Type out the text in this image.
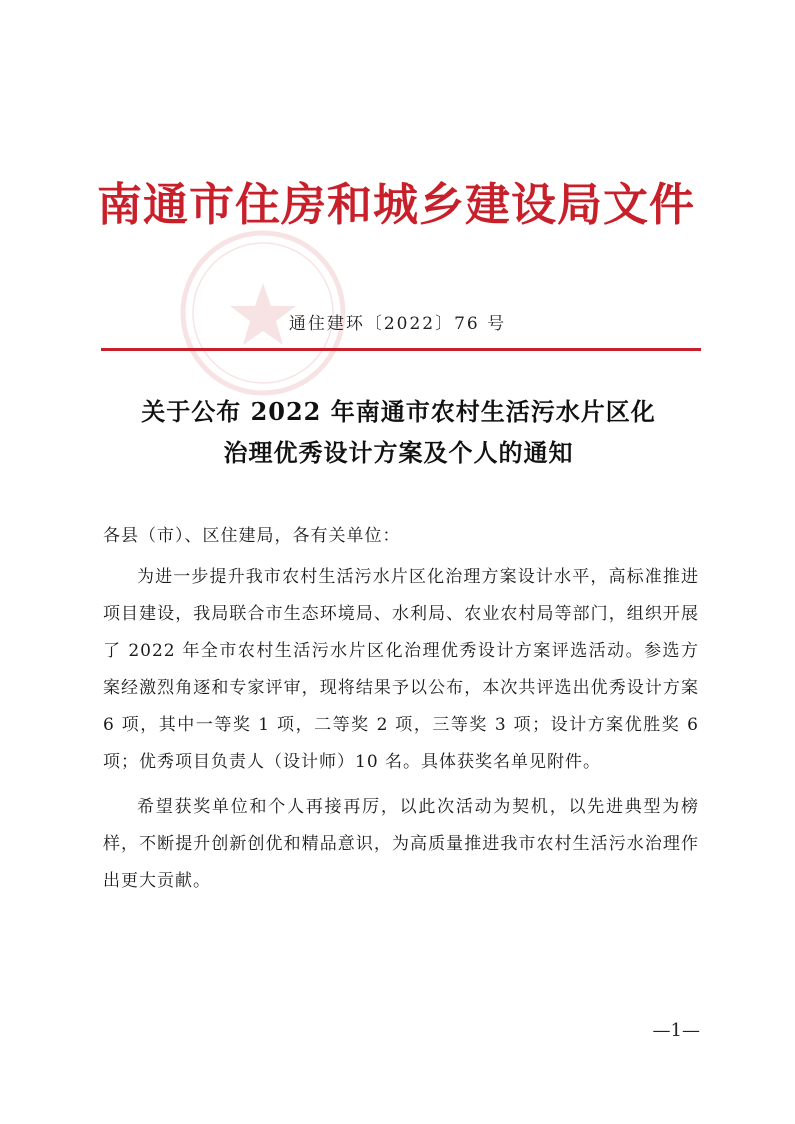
南通市住房和城乡建设局文件
通住建环〔2022〕76 号
关于公布 2022 年南通市农村生活污水片区化
治理优秀设计方案及个人的通知
各县（市）、区住建局，各有关单位：
为进一步提升我市农村生活污水片区化治理方案设计水平，高标准推进项目建设，我局联合市生态环境局、水利局、农业农村局等部门，组织开展了 2022 年全市农村生活污水片区化治理优秀设计方案评选活动。参选方案经激烈角逐和专家评审，现将结果予以公布，本次共评选出优秀设计方案 6 项，其中一等奖 1 项，二等奖 2 项，三等奖 3 项；设计方案优胜奖 6 项；优秀项目负责人（设计师）10 名。具体获奖名单见附件。
希望获奖单位和个人再接再厉，以此次活动为契机，以先进典型为榜样，不断提升创新创优和精品意识，为高质量推进我市农村生活污水治理作出更大贡献。
—1—
